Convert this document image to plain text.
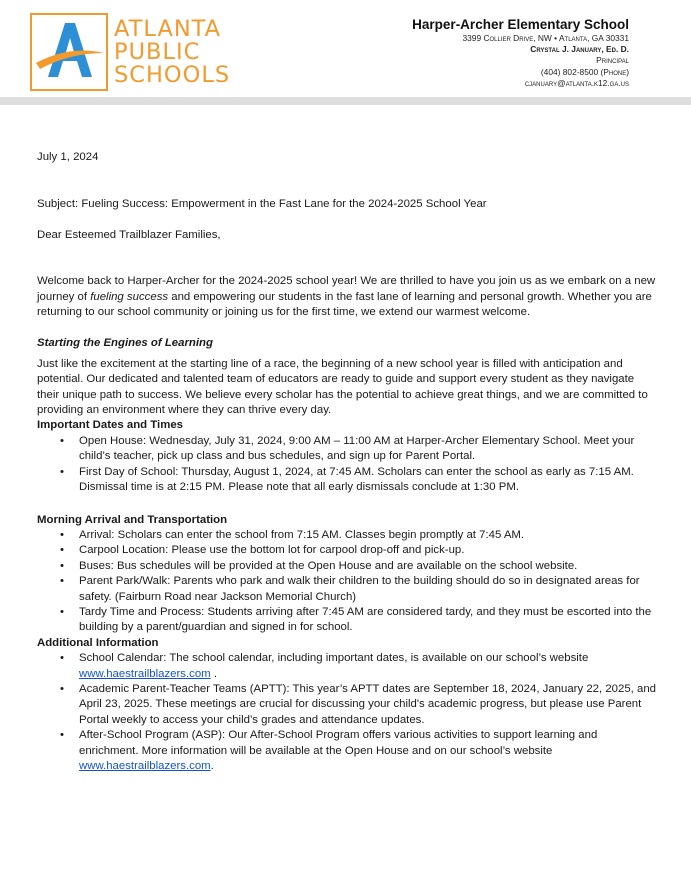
ATLANTA
PUBLIC
SCHOOLS
Harper-Archer Elementary School
3399 Collier Drive, NW • Atlanta, GA 30331
Crystal J. January, Ed. D.
Principal
(404) 802-8500 (Phone)
cjanuary@atlanta.k12.ga.us

July 1, 2024

Subject: Fueling Success: Empowerment in the Fast Lane for the 2024-2025 School Year

Dear Esteemed Trailblazer Families,

Welcome back to Harper-Archer for the 2024-2025 school year! We are thrilled to have you join us as we embark on a new journey of fueling success and empowering our students in the fast lane of learning and personal growth. Whether you are returning to our school community or joining us for the first time, we extend our warmest welcome.

Starting the Engines of Learning

Just like the excitement at the starting line of a race, the beginning of a new school year is filled with anticipation and potential. Our dedicated and talented team of educators are ready to guide and support every student as they navigate their unique path to success. We believe every scholar has the potential to achieve great things, and we are committed to providing an environment where they can thrive every day.

Important Dates and Times

• Open House: Wednesday, July 31, 2024, 9:00 AM – 11:00 AM at Harper-Archer Elementary School. Meet your child’s teacher, pick up class and bus schedules, and sign up for Parent Portal.
• First Day of School: Thursday, August 1, 2024, at 7:45 AM. Scholars can enter the school as early as 7:15 AM. Dismissal time is at 2:15 PM. Please note that all early dismissals conclude at 1:30 PM.

Morning Arrival and Transportation

• Arrival: Scholars can enter the school from 7:15 AM. Classes begin promptly at 7:45 AM.
• Carpool Location: Please use the bottom lot for carpool drop-off and pick-up.
• Buses: Bus schedules will be provided at the Open House and are available on the school website.
• Parent Park/Walk: Parents who park and walk their children to the building should do so in designated areas for safety. (Fairburn Road near Jackson Memorial Church)
• Tardy Time and Process: Students arriving after 7:45 AM are considered tardy, and they must be escorted into the building by a parent/guardian and signed in for school.

Additional Information

• School Calendar: The school calendar, including important dates, is available on our school’s website www.haestrailblazers.com .
• Academic Parent-Teacher Teams (APTT): This year’s APTT dates are September 18, 2024, January 22, 2025, and April 23, 2025. These meetings are crucial for discussing your child's academic progress, but please use Parent Portal weekly to access your child’s grades and attendance updates.
• After-School Program (ASP): Our After-School Program offers various activities to support learning and enrichment. More information will be available at the Open House and on our school’s website www.haestrailblazers.com.
